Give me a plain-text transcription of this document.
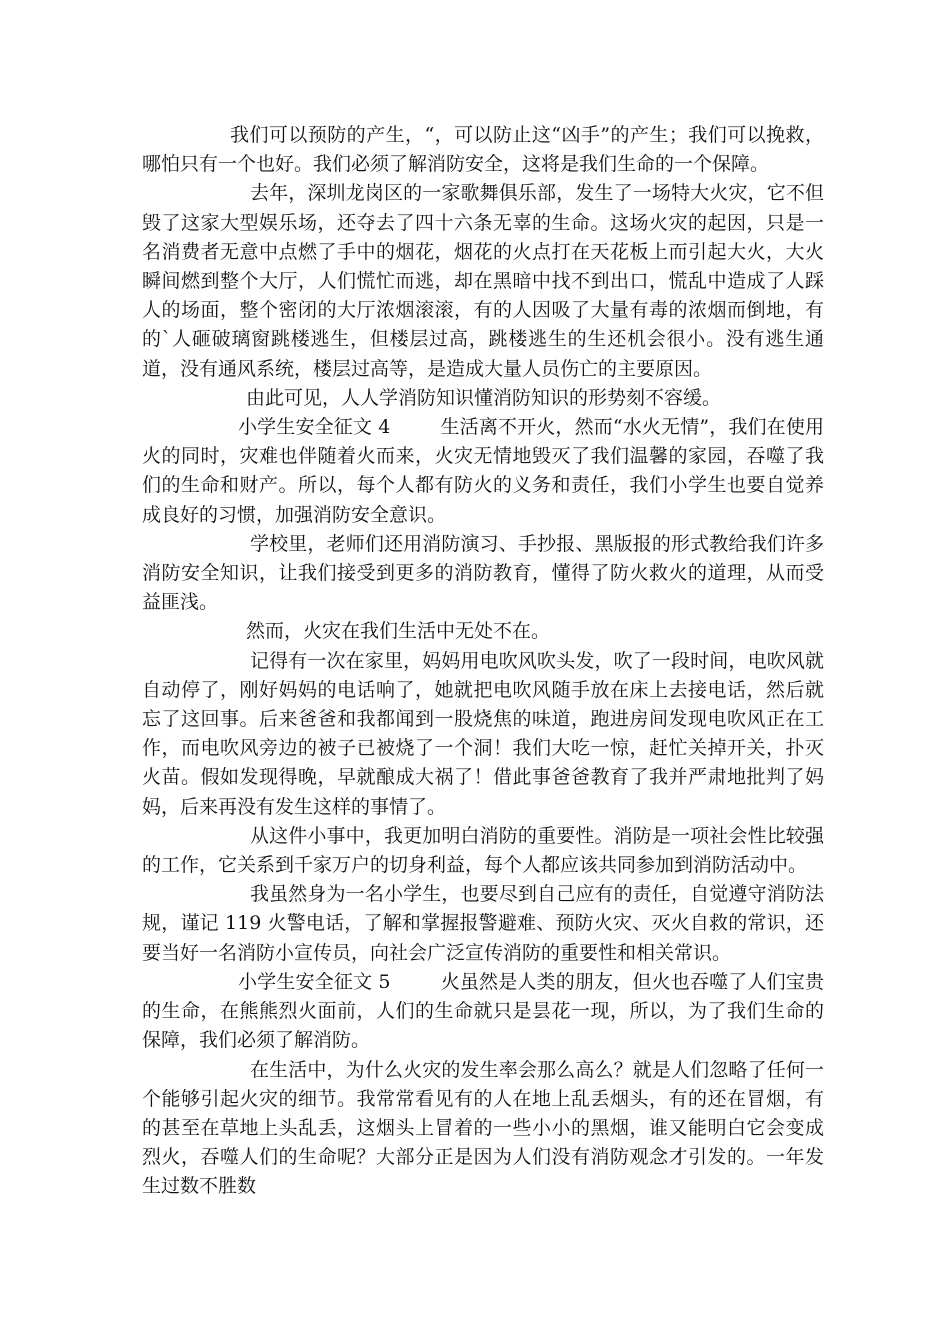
我们可以预防的产生，“，可以防止这“凶手”的产生；我们可以挽救，哪怕只有一个也好。我们必须了解消防安全，这将是我们生命的一个保障。

去年，深圳龙岗区的一家歌舞俱乐部，发生了一场特大火灾，它不但毁了这家大型娱乐场，还夺去了四十六条无辜的生命。这场火灾的起因，只是一名消费者无意中点燃了手中的烟花，烟花的火点打在天花板上而引起大火，大火瞬间燃到整个大厅，人们慌忙而逃，却在黑暗中找不到出口，慌乱中造成了人踩人的场面，整个密闭的大厅浓烟滚滚，有的人因吸了大量有毒的浓烟而倒地，有的`人砸破璃窗跳楼逃生，但楼层过高，跳楼逃生的生还机会很小。没有逃生通道，没有通风系统，楼层过高等，是造成大量人员伤亡的主要原因。

由此可见，人人学消防知识懂消防知识的形势刻不容缓。

小学生安全征文 4	生活离不开火，然而“水火无情”，我们在使用火的同时，灾难也伴随着火而来，火灾无情地毁灭了我们温馨的家园，吞噬了我们的生命和财产。所以，每个人都有防火的义务和责任，我们小学生也要自觉养成良好的习惯，加强消防安全意识。

学校里，老师们还用消防演习、手抄报、黑版报的形式教给我们许多消防安全知识，让我们接受到更多的消防教育，懂得了防火救火的道理，从而受益匪浅。

然而，火灾在我们生活中无处不在。

记得有一次在家里，妈妈用电吹风吹头发，吹了一段时间，电吹风就自动停了，刚好妈妈的电话响了，她就把电吹风随手放在床上去接电话，然后就忘了这回事。后来爸爸和我都闻到一股烧焦的味道，跑进房间发现电吹风正在工作，而电吹风旁边的被子已被烧了一个洞！我们大吃一惊，赶忙关掉开关，扑灭火苗。假如发现得晚，早就酿成大祸了！借此事爸爸教育了我并严肃地批判了妈妈，后来再没有发生这样的事情了。

从这件小事中，我更加明白消防的重要性。消防是一项社会性比较强的工作，它关系到千家万户的切身利益，每个人都应该共同参加到消防活动中。

我虽然身为一名小学生，也要尽到自己应有的责任，自觉遵守消防法规，谨记 119 火警电话，了解和掌握报警避难、预防火灾、灭火自救的常识，还要当好一名消防小宣传员，向社会广泛宣传消防的重要性和相关常识。

小学生安全征文 5	火虽然是人类的朋友，但火也吞噬了人们宝贵的生命，在熊熊烈火面前，人们的生命就只是昙花一现，所以，为了我们生命的保障，我们必须了解消防。

在生活中，为什么火灾的发生率会那么高么？就是人们忽略了任何一个能够引起火灾的细节。我常常看见有的人在地上乱丢烟头，有的还在冒烟，有的甚至在草地上头乱丢，这烟头上冒着的一些小小的黑烟，谁又能明白它会变成烈火，吞噬人们的生命呢？大部分正是因为人们没有消防观念才引发的。一年发生过数不胜数
